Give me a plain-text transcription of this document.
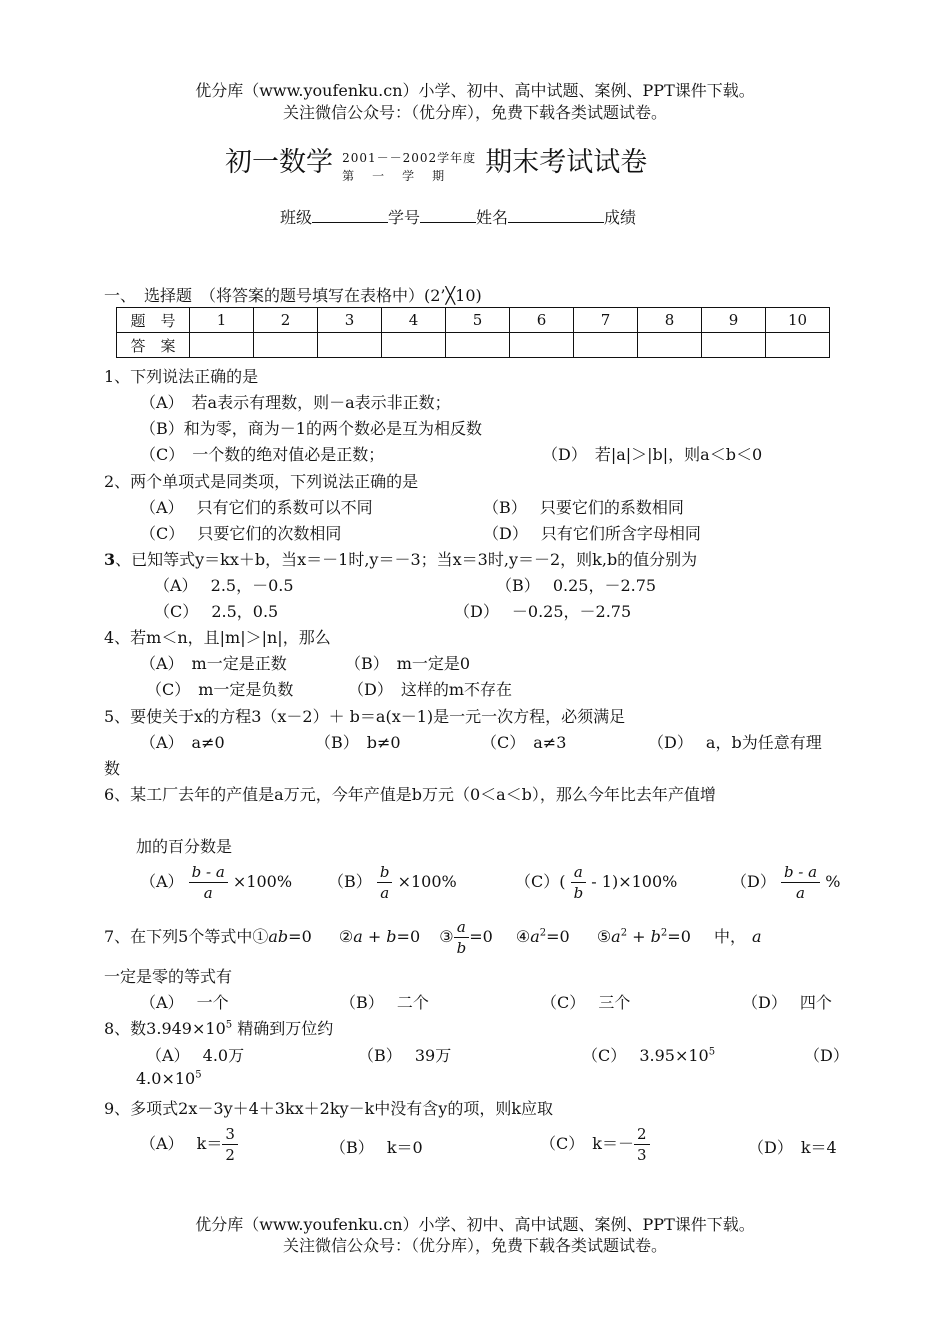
优分库（www.youfenku.cn）小学、初中、高中试题、案例、PPT课件下载。
关注微信公众号：（优分库），免费下载各类试题试卷。
初一数学 2001－－2002学年度
第　一　学　期	期末考试试卷
班级	学号	姓名	成绩
一、　选择题　（将答案的题号填写在表格中）(2’╳10)
题　号	1	2	3	4	5	6	7	8	9	10
答　案										
1、下列说法正确的是
（A）　若a表示有理数，则－a表示非正数；
（B）和为零，商为－1的两个数必是互为相反数
（C）　一个数的绝对值必是正数；	（D）　若|a|＞|b|，则a＜b＜0
2、两个单项式是同类项，下列说法正确的是
（A）　 只有它们的系数可以不同	（B）　 只要它们的系数相同
（C）　 只要它们的次数相同	（D）　 只有它们所含字母相同
3、已知等式y＝kx＋b，当x＝－1时,y＝－3；当x＝3时,y＝－2，则k,b的值分别为
（A）　 2.5，－0.5	（B）　 0.25，－2.75
（C）　 2.5，0.5	（D）　 －0.25，－2.75
4、若m＜n，且|m|＞|n|，那么
（A）　m一定是正数	（B）　m一定是0
（C）　m一定是负数	（D）　这样的m不存在
5、要使关于x的方程3（x－2）＋ b＝a(x－1)是一元一次方程，必须满足
（A）　a≠0	（B）　b≠0	（C）　a≠3	（D）　 a，b为任意有理
数
6、某工厂去年的产值是a万元，今年产值是b万元（0＜a＜b），那么今年比去年产值增
加的百分数是
$(A) \frac{b - a}{a} \times 100\%$ $(B) \frac{b}{a} \times 100\%$	$(C)( \frac{a}{b} - 1)\times 100\%$	$(D) \frac{b - a}{a}$ %
7、在下列5个等式中①ab=0 ②a + b=0 ③ $\frac{a}{b} =0$ $④a^2=0$ $⑤a^2 + b^2=0$ 中， a
一定是零的等式有
（A）　 一个	（B）　 二个	（C）　 三个	（D）　 四个
8、数$3.949\times 10^5$ 精确到万位约
（A）　 4.0万	（B）　 39万	（C）　 $3.95\times 10^5$	（D）
$4.0\times 10^5$
9、多项式2x－3y＋4＋3kx＋2ky－k中没有含y的项，则k应取
（A）　 $k= \frac{3}{2}$	（B）　 k＝0	（C）　$k=- \frac{2}{3}$	（D）　k＝4
优分库（www.youfenku.cn）小学、初中、高中试题、案例、PPT课件下载。
关注微信公众号：（优分库），免费下载各类试题试卷。
